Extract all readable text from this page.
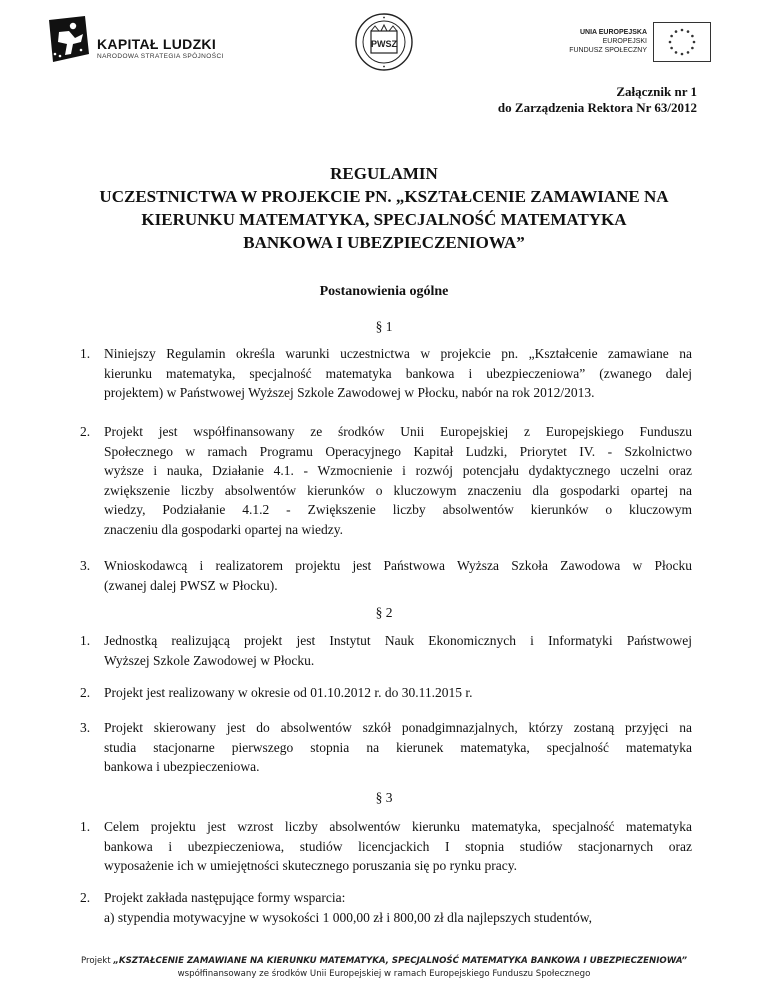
KAPITAŁ LUDZKI
NARODOWA STRATEGIA SPÓJNOŚCI
PWSZ
UNIA EUROPEJSKA
EUROPEJSKI
FUNDUSZ SPOŁECZNY
Załącznik nr 1
do Zarządzenia Rektora Nr 63/2012
REGULAMIN
UCZESTNICTWA W PROJEKCIE PN. „KSZTAŁCENIE ZAMAWIANE NA
KIERUNKU MATEMATYKA, SPECJALNOŚĆ MATEMATYKA
BANKOWA I UBEZPIECZENIOWA”
Postanowienia ogólne
§ 1
1. Niniejszy Regulamin określa warunki uczestnictwa w projekcie pn. „Kształcenie zamawiane na
kierunku matematyka, specjalność matematyka bankowa i ubezpieczeniowa” (zwanego dalej
projektem) w Państwowej Wyższej Szkole Zawodowej w Płocku, nabór na rok 2012/2013.
2. Projekt jest współfinansowany ze środków Unii Europejskiej z Europejskiego Funduszu
Społecznego w ramach Programu Operacyjnego Kapitał Ludzki, Priorytet IV. - Szkolnictwo
wyższe i nauka, Działanie 4.1. - Wzmocnienie i rozwój potencjału dydaktycznego uczelni oraz
zwiększenie liczby absolwentów kierunków o kluczowym znaczeniu dla gospodarki opartej na
wiedzy, Podziałanie 4.1.2 - Zwiększenie liczby absolwentów kierunków o kluczowym
znaczeniu dla gospodarki opartej na wiedzy.
3. Wnioskodawcą i realizatorem projektu jest Państwowa Wyższa Szkoła Zawodowa w Płocku
(zwanej dalej PWSZ w Płocku).
§ 2
1. Jednostką realizującą projekt jest Instytut Nauk Ekonomicznych i Informatyki Państwowej
Wyższej Szkole Zawodowej w Płocku.
2. Projekt jest realizowany w okresie od 01.10.2012 r. do 30.11.2015 r.
3. Projekt skierowany jest do absolwentów szkół ponadgimnazjalnych, którzy zostaną przyjęci na
studia stacjonarne pierwszego stopnia na kierunek matematyka, specjalność matematyka
bankowa i ubezpieczeniowa.
§ 3
1. Celem projektu jest wzrost liczby absolwentów kierunku matematyka, specjalność matematyka
bankowa i ubezpieczeniowa, studiów licencjackich I stopnia studiów stacjonarnych oraz
wyposażenie ich w umiejętności skutecznego poruszania się po rynku pracy.
2. Projekt zakłada następujące formy wsparcia:
a) stypendia motywacyjne w wysokości 1 000,00 zł i 800,00 zł dla najlepszych studentów,
Projekt „KSZTAŁCENIE ZAMAWIANE NA KIERUNKU MATEMATYKA, SPECJALNOŚĆ MATEMATYKA BANKOWA I UBEZPIECZENIOWA”
współfinansowany ze środków Unii Europejskiej w ramach Europejskiego Funduszu Społecznego
